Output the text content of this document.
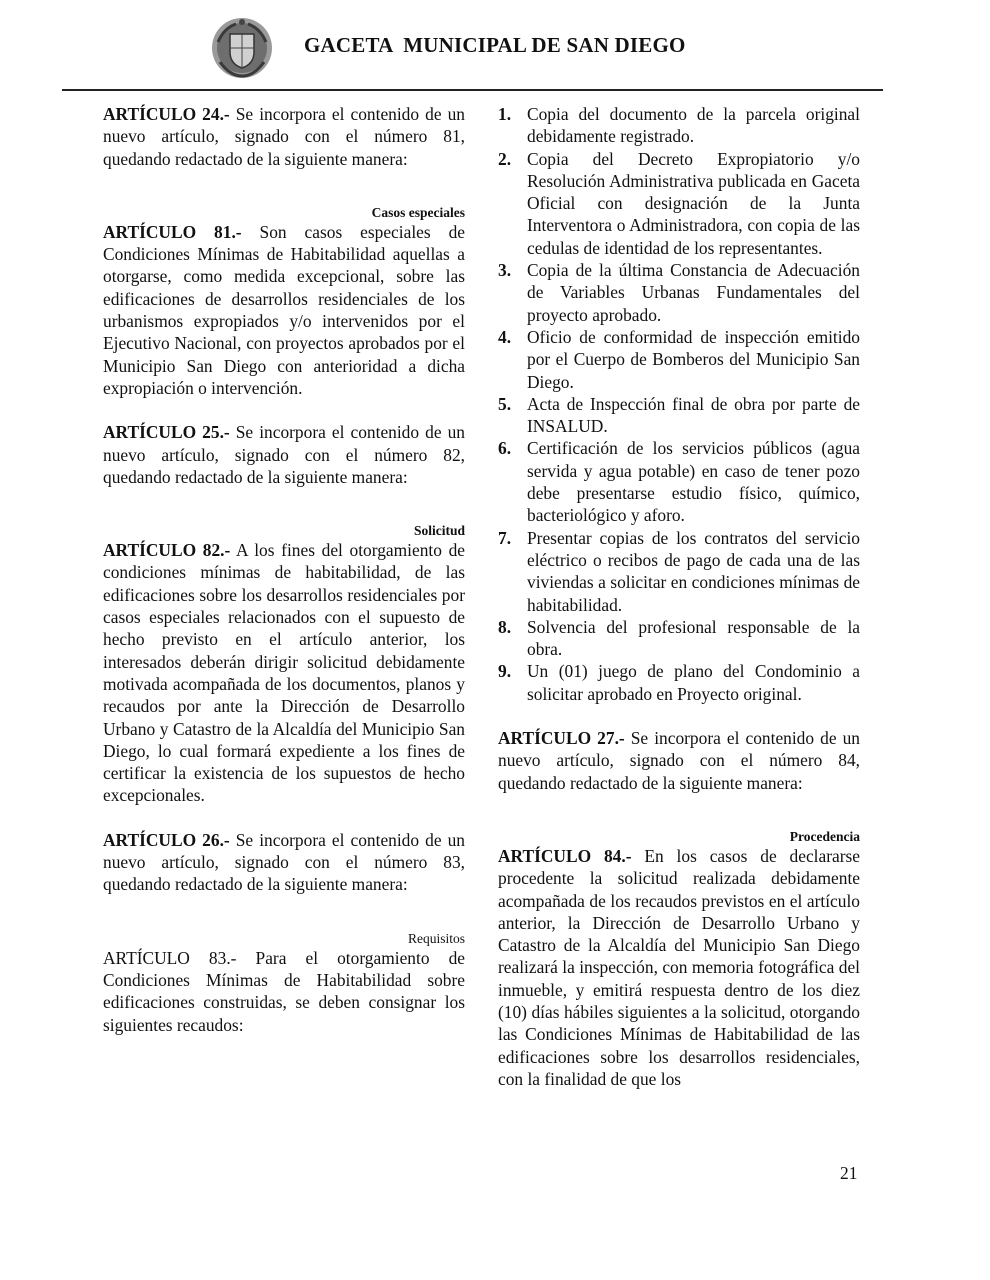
GACETA  MUNICIPAL DE SAN DIEGO

ARTÍCULO 24.- Se incorpora el contenido de un nuevo artículo, signado con el número 81, quedando redactado de la siguiente manera:

Casos especiales

ARTÍCULO 81.- Son casos especiales de Condiciones Mínimas de Habitabilidad aquellas a otorgarse, como medida excepcional, sobre las edificaciones de desarrollos residenciales de los urbanismos expropiados y/o intervenidos por el Ejecutivo Nacional, con proyectos aprobados por el Municipio San Diego con anterioridad a dicha expropiación o intervención.

ARTÍCULO 25.- Se incorpora el contenido de un nuevo artículo, signado con el número 82, quedando redactado de la siguiente manera:

Solicitud

ARTÍCULO 82.- A los fines del otorgamiento de condiciones mínimas de habitabilidad, de las edificaciones sobre los desarrollos residenciales por casos especiales relacionados con el supuesto de hecho previsto en el artículo anterior, los interesados deberán dirigir solicitud debidamente motivada acompañada de los documentos, planos y recaudos por ante la Dirección de Desarrollo Urbano y Catastro de la Alcaldía del Municipio San Diego, lo cual formará expediente a los fines de certificar la existencia de los supuestos de hecho excepcionales.

ARTÍCULO 26.- Se incorpora el contenido de un nuevo artículo, signado con el número 83, quedando redactado de la siguiente manera:

Requisitos

ARTÍCULO 83.- Para el otorgamiento de Condiciones Mínimas de Habitabilidad sobre edificaciones construidas, se deben consignar los siguientes recaudos:

1. Copia del documento de la parcela original debidamente registrado.
2. Copia del Decreto Expropiatorio y/o Resolución Administrativa publicada en Gaceta Oficial con designación de la Junta Interventora o Administradora, con copia de las cedulas de identidad de los representantes.
3. Copia de la última Constancia de Adecuación de Variables Urbanas Fundamentales del proyecto aprobado.
4. Oficio de conformidad de inspección emitido por el Cuerpo de Bomberos del Municipio San Diego.
5. Acta de Inspección final de obra por parte de INSALUD.
6. Certificación de los servicios públicos (agua servida y agua potable) en caso de tener pozo debe presentarse estudio físico, químico, bacteriológico y aforo.
7. Presentar copias de los contratos del servicio eléctrico o recibos de pago de cada una de las viviendas a solicitar en condiciones mínimas de habitabilidad.
8. Solvencia del profesional responsable de la obra.
9. Un (01) juego de plano del Condominio a solicitar aprobado en Proyecto original.

ARTÍCULO 27.- Se incorpora el contenido de un nuevo artículo, signado con el número 84, quedando redactado de la siguiente manera:

Procedencia

ARTÍCULO 84.- En los casos de declararse procedente la solicitud realizada debidamente acompañada de los recaudos previstos en el artículo anterior, la Dirección de Desarrollo Urbano y Catastro de la Alcaldía del Municipio San Diego realizará la inspección, con memoria fotográfica del inmueble, y emitirá respuesta dentro de los diez (10) días hábiles siguientes a la solicitud, otorgando las Condiciones Mínimas de Habitabilidad de las edificaciones sobre los desarrollos residenciales, con la finalidad de que los

21
